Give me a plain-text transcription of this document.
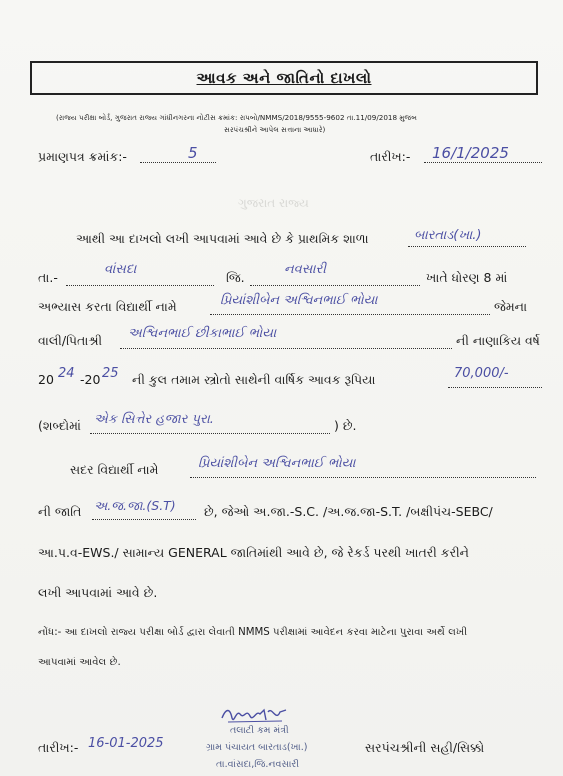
આવક અને જાતિનો દાખલો
(રાજ્ય પરીક્ષા બોર્ડ, ગુજરાત રાજ્ય ગાંધીનગરના નોટીસ ક્રમાંક: રાપબો/NMMS/2018/9555-9602 તા.11/09/2018 મુજબ
સરપંચશ્રીને આપેલ સત્તાના આધારે)
પ્રમાણપત્ર ક્રમાંક:-	5	તારીખ:- 16/1/2025
ગુજરાત રાજ્ય
આથી આ દાખલો લખી આપવામાં આવે છે કે પ્રાથમિક શાળા	બારતાડ(ખા.)
તા.-
વાંસદા
જિ.
નવસારી
ખાતે ધોરણ 8 માં
અભ્યાસ કરતા વિદ્યાર્થી નામે	પ્રિયાંશીબેન અશ્વિનભાઈ ભોયા	જેમના
વાલી/પિતાશ્રી અશ્વિનભાઈ છીકાભાઈ ભોયા	ની નાણાકિય વર્ષ
20 24 -20 25 ની કુલ તમામ સ્ત્રોતો સાથેની વાર્ષિક આવક રૂપિયા	70,000/-
(શબ્દોમાં એક સિત્તેર હજાર પુરા.	) છે.
સદર વિદ્યાર્થી નામે	પ્રિયાંશીબેન અશ્વિનભાઈ ભોયા
ની જાતિ અ.જ.જા.(S.T) છે, જેઓ અ.જા.-S.C. /અ.જ.જા-S.T. /બક્ષીપંચ-SEBC/
આ.પ.વ-EWS./ સામાન્ય GENERAL જાતિમાંથી આવે છે, જે રેકર્ડ પરથી ખાતરી કરીને
લખી આપવામાં આવે છે.
નોંધ:- આ દાખલો રાજ્ય પરીક્ષા બોર્ડ દ્વારા લેવાતી NMMS પરીક્ષામાં આવેદન કરવા માટેના પુરાવા અર્થે લખી
આપવામાં આવેલ છે.
તલાટી કમ મંત્રી
ગ્રામ પંચાયત બારતાડ(ખા.)
તા.વાંસદા,જિ.નવસારી
તારીખ:- 16-01-2025	સરપંચશ્રીની સહી/સિક્કો
